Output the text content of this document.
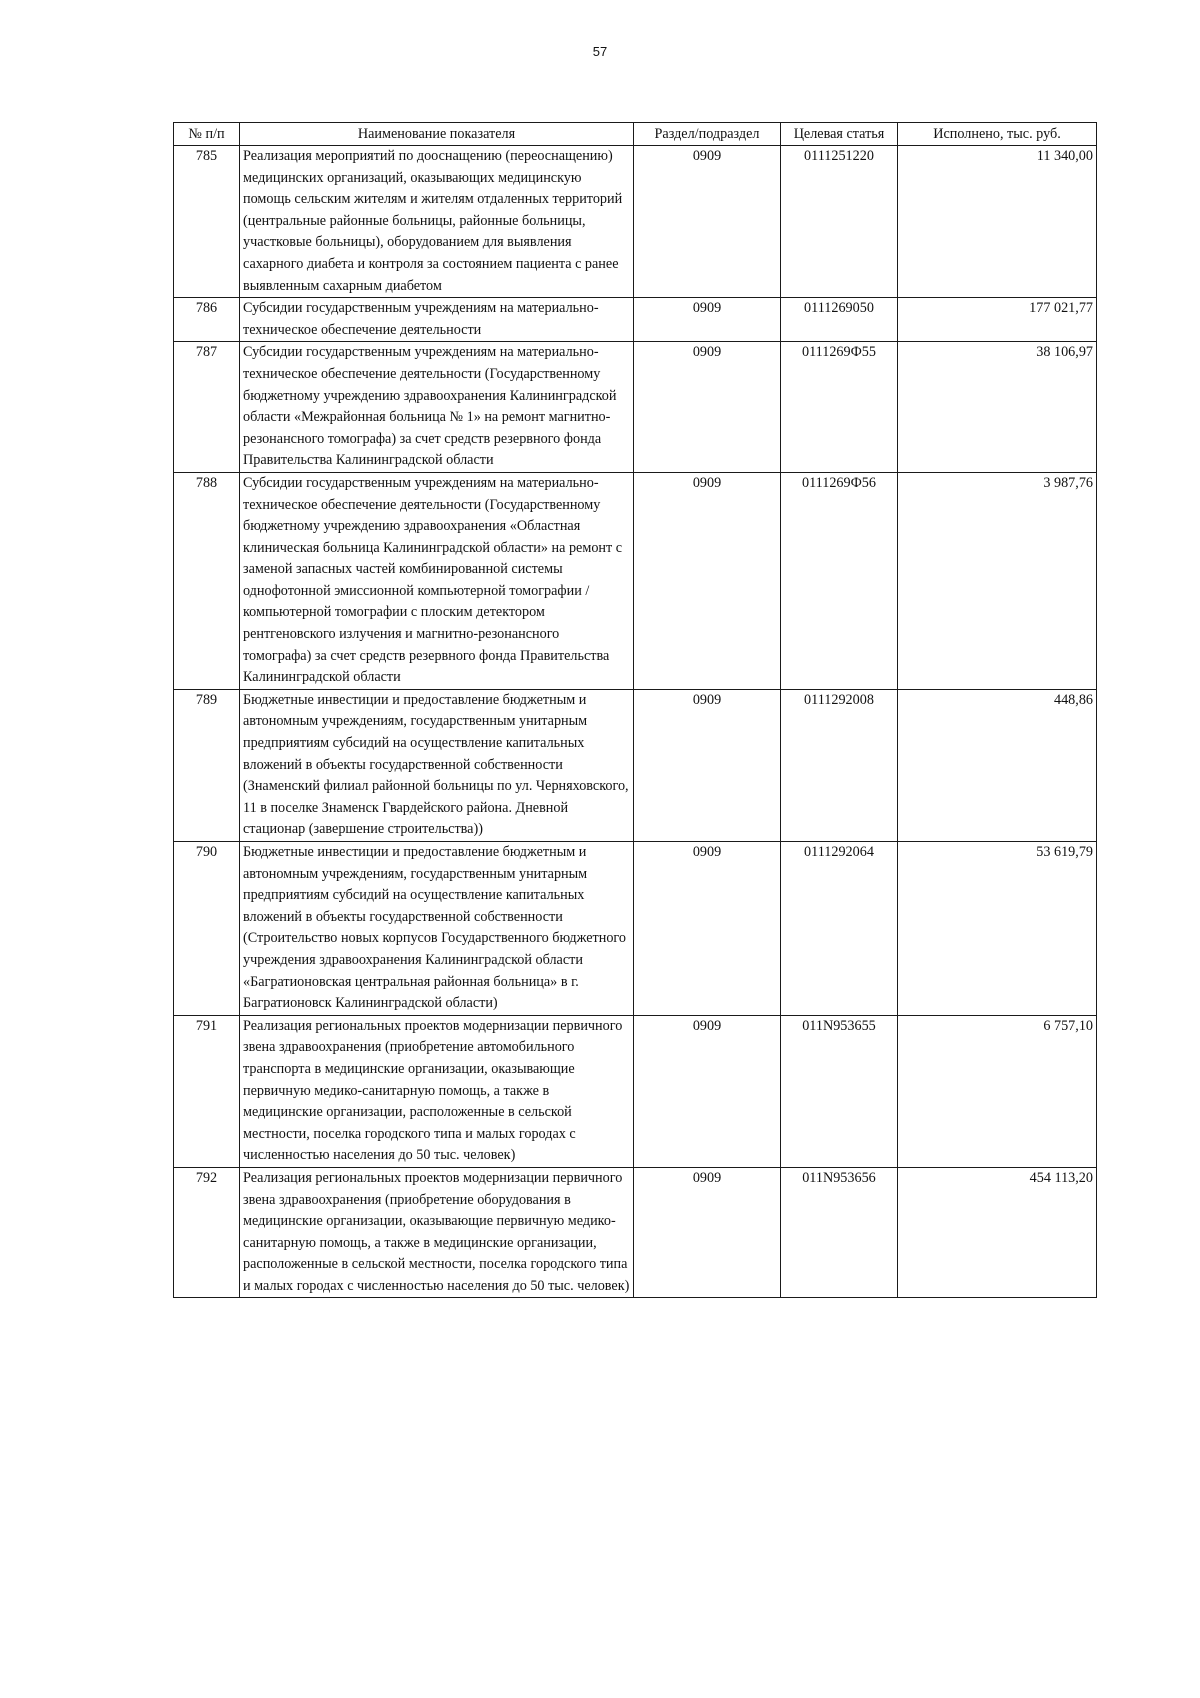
57
№ п/п	Наименование показателя	Раздел/подраздел	Целевая статья	Исполнено, тыс. руб.
785	Реализация мероприятий по дооснащению (переоснащению) медицинских организаций, оказывающих медицинскую помощь сельским жителям и жителям отдаленных территорий (центральные районные больницы, районные больницы, участковые больницы), оборудованием для выявления сахарного диабета и контроля за состоянием пациента с ранее выявленным сахарным диабетом	0909	0111251220	11 340,00
786	Субсидии государственным учреждениям на материально-техническое обеспечение деятельности	0909	0111269050	177 021,77
787	Субсидии государственным учреждениям на материально-техническое обеспечение деятельности (Государственному бюджетному учреждению здравоохранения Калининградской области «Межрайонная больница № 1» на ремонт магнитно-резонансного томографа) за счет средств резервного фонда Правительства Калининградской области	0909	0111269Ф55	38 106,97
788	Субсидии государственным учреждениям на материально-техническое обеспечение деятельности (Государственному бюджетному учреждению здравоохранения «Областная клиническая больница Калининградской области» на ремонт с заменой запасных частей комбинированной системы однофотонной эмиссионной компьютерной томографии / компьютерной томографии с плоским детектором рентгеновского излучения и магнитно-резонансного томографа) за счет средств резервного фонда Правительства Калининградской области	0909	0111269Ф56	3 987,76
789	Бюджетные инвестиции и предоставление бюджетным и автономным учреждениям, государственным унитарным предприятиям субсидий на осуществление капитальных вложений в объекты государственной собственности (Знаменский филиал районной больницы по ул. Черняховского, 11 в поселке Знаменск Гвардейского района. Дневной стационар (завершение строительства))	0909	0111292008	448,86
790	Бюджетные инвестиции и предоставление бюджетным и автономным учреждениям, государственным унитарным предприятиям субсидий на осуществление капитальных вложений в объекты государственной собственности (Строительство новых корпусов Государственного бюджетного учреждения здравоохранения Калининградской области «Багратионовская центральная районная больница» в г. Багратионовск Калининградской области)	0909	0111292064	53 619,79
791	Реализация региональных проектов модернизации первичного звена здравоохранения (приобретение автомобильного транспорта в медицинские организации, оказывающие первичную медико-санитарную помощь, а также в медицинские организации, расположенные в сельской местности, поселка городского типа и малых городах с численностью населения до 50 тыс. человек)	0909	011N953655	6 757,10
792	Реализация региональных проектов модернизации первичного звена здравоохранения (приобретение оборудования в медицинские организации, оказывающие первичную медико-санитарную помощь, а также в медицинские организации, расположенные в сельской местности, поселка городского типа и малых городах с численностью населения до 50 тыс. человек)	0909	011N953656	454 113,20
